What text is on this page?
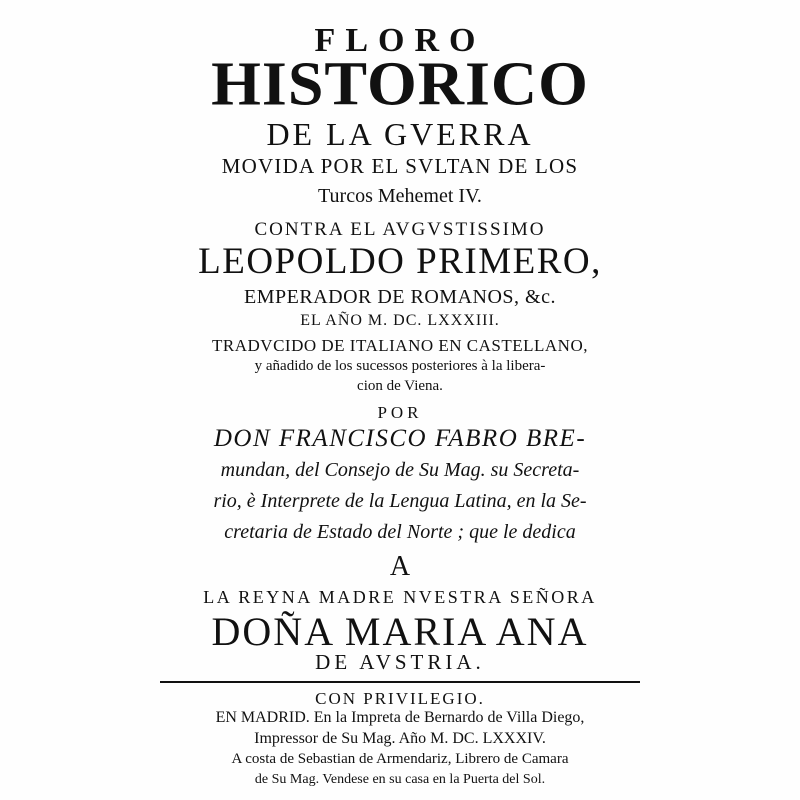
FLORO
HISTORICO
DE LA GVERRA
MOVIDA POR EL SVLTAN DE LOS
Turcos Mehemet IV.
CONTRA EL AVGVSTISSIMO
LEOPOLDO PRIMERO,
EMPERADOR DE ROMANOS, &c.
EL AÑO M. DC. LXXXIII.
TRADVCIDO DE ITALIANO EN CASTELLANO,
y añadido de los sucessos posteriores à la libera-
cion de Viena.
POR
DON FRANCISCO FABRO BRE-
mundan, del Consejo de Su Mag. su Secreta-
rio, è Interprete de la Lengua Latina, en la Se-
cretaria de Estado del Norte ; que le dedica
A
LA REYNA MADRE NVESTRA SEÑORA
DOÑA MARIA ANA
DE AVSTRIA.
CON PRIVILEGIO.
EN MADRID. En la Impreta de Bernardo de Villa Diego,
Impressor de Su Mag. Año M. DC. LXXXIV.
A costa de Sebastian de Armendariz, Librero de Camara
de Su Mag. Vendese en su casa en la Puerta del Sol.
